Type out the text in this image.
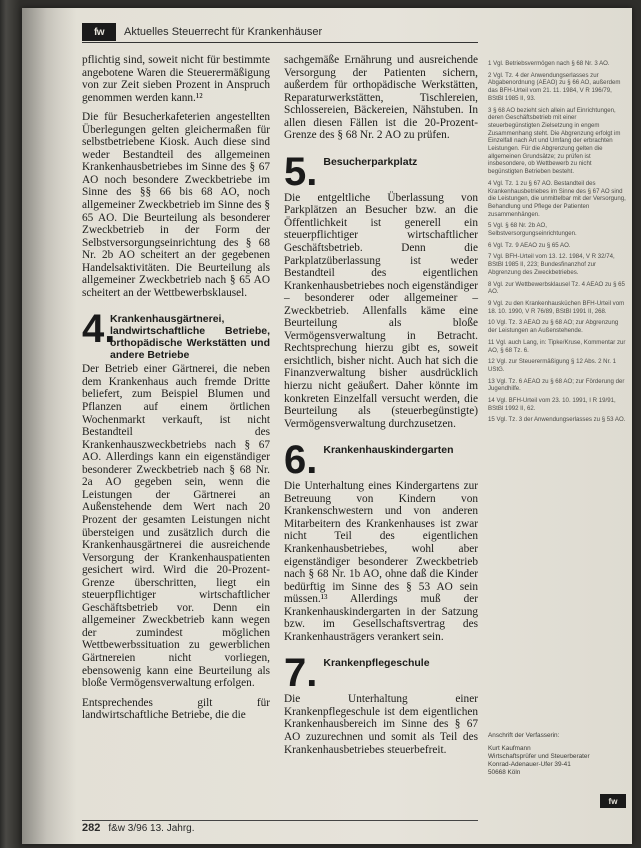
fw	Aktuelles Steuerrecht für Krankenhäuser

pflichtig sind, soweit nicht für bestimmte angebotene Waren die Steuerermäßigung von zur Zeit sieben Prozent in Anspruch genommen werden kann.¹²

Die für Besucherkafeterien angestellten Überlegungen gelten gleichermaßen für selbstbetriebene Kiosk. Auch diese sind weder Bestandteil des allgemeinen Krankenhausbetriebes im Sinne des § 67 AO noch besondere Zweckbetriebe im Sinne des §§ 66 bis 68 AO, noch allgemeiner Zweckbetrieb im Sinne des § 65 AO. Die Beurteilung als besonderer Zweckbetrieb in der Form der Selbstversorgungseinrichtung des § 68 Nr. 2b AO scheitert an der gegebenen Handelsaktivitäten. Die Beurteilung als allgemeiner Zweckbetrieb nach § 65 AO scheitert an der Wettbewerbsklausel.

4.
Krankenhausgärtnerei, landwirtschaftliche Betriebe, orthopädische Werkstätten und andere Betriebe

Der Betrieb einer Gärtnerei, die neben dem Krankenhaus auch fremde Dritte beliefert, zum Beispiel Blumen und Pflanzen auf einem örtlichen Wochenmarkt verkauft, ist nicht Bestandteil des Krankenhauszweckbetriebs nach § 67 AO. Allerdings kann ein eigenständiger besonderer Zweckbetrieb nach § 68 Nr. 2a AO gegeben sein, wenn die Leistungen der Gärtnerei an Außenstehende dem Wert nach 20 Prozent der gesamten Leistungen nicht übersteigen und zusätzlich durch die Krankenhausgärtnerei die ausreichende Versorgung der Krankenhauspatienten gesichert wird. Wird die 20-Prozent-Grenze überschritten, liegt ein steuerpflichtiger wirtschaftlicher Geschäftsbetrieb vor. Denn ein allgemeiner Zweckbetrieb kann wegen der zumindest möglichen Wettbewerbssituation zu gewerblichen Gärtnereien nicht vorliegen, ebensowenig kann eine Beurteilung als bloße Vermögensverwaltung erfolgen.

Entsprechendes gilt für landwirtschaftliche Betriebe, die die

sachgemäße Ernährung und ausreichende Versorgung der Patienten sichern, außerdem für orthopädische Werkstätten, Reparaturwerkstätten, Tischlereien, Schlossereien, Bäckereien, Nähstuben. In allen diesen Fällen ist die 20-Prozent-Grenze des § 68 Nr. 2 AO zu prüfen.

5. Besucherparkplatz

Die entgeltliche Überlassung von Parkplätzen an Besucher bzw. an die Öffentlichkeit ist generell ein steuerpflichtiger wirtschaftlicher Geschäftsbetrieb. Denn die Parkplatzüberlassung ist weder Bestandteil des eigentlichen Krankenhausbetriebes noch eigenständiger – besonderer oder allgemeiner – Zweckbetrieb. Allenfalls käme eine Beurteilung als bloße Vermögensverwaltung in Betracht. Rechtsprechung hierzu gibt es, soweit ersichtlich, bisher nicht. Auch hat sich die Finanzverwaltung bisher ausdrücklich hierzu nicht geäußert. Daher könnte im konkreten Einzelfall versucht werden, die Beurteilung als (steuerbegünstigte) Vermögensverwaltung durchzusetzen.

6. Krankenhauskindergarten

Die Unterhaltung eines Kindergartens zur Betreuung von Kindern von Krankenschwestern und von anderen Mitarbeitern des Krankenhauses ist zwar nicht Teil des eigentlichen Krankenhausbetriebes, wohl aber eigenständiger besonderer Zweckbetrieb nach § 68 Nr. 1b AO, ohne daß die Kinder bedürftig im Sinne des § 53 AO sein müssen.¹³ Allerdings muß der Krankenhauskindergarten in der Satzung bzw. im Gesellschaftsvertrag des Krankenhausträgers verankert sein.

7. Krankenpflegeschule

Die Unterhaltung einer Krankenpflegeschule ist dem eigentlichen Krankenhausbereich im Sinne des § 67 AO zuzurechnen und somit als Teil des Krankenhausbetriebes steuerbefreit.

1 Vgl. Betriebsvermögen nach § 68 Nr. 3 AO.

2 Vgl. Tz. 4 der Anwendungserlasses zur Abgabenordnung (AEAO) zu § 66 AO, außerdem das BFH-Urteil vom 21. 11. 1984, V R 196/79, BStBl 1985 II, 93.

3 § 68 AO bezieht sich allein auf Einrichtungen, deren Geschäftsbetrieb mit einer steuerbegünstigten Zielsetzung in engem Zusammenhang steht. Die Abgrenzung erfolgt im Einzelfall nach Art und Umfang der erbrachten Leistungen. Für die Abgrenzung gelten die allgemeinen Grundsätze; zu prüfen ist insbesondere, ob Wettbewerb zu nicht begünstigten Betrieben besteht.

4 Vgl. Tz. 1 zu § 67 AO. Bestandteil des Krankenhausbetriebes im Sinne des § 67 AO sind die Leistungen, die unmittelbar mit der Versorgung, Behandlung und Pflege der Patienten zusammenhängen.

5 Vgl. § 68 Nr. 2b AO, Selbstversorgungseinrichtungen.

6 Vgl. Tz. 9 AEAO zu § 65 AO.

7 Vgl. BFH-Urteil vom 13. 12. 1984, V R 32/74, BStBl 1985 II, 223; Bundesfinanzhof zur Abgrenzung des Zweckbetriebes.

8 Vgl. zur Wettbewerbsklausel Tz. 4 AEAO zu § 65 AO.

9 Vgl. zu den Krankenhausküchen BFH-Urteil vom 18. 10. 1990, V R 76/89, BStBl 1991 II, 268.

10 Vgl. Tz. 3 AEAO zu § 68 AO; zur Abgrenzung der Leistungen an Außenstehende.

11 Vgl. auch Lang, in: Tipke/Kruse, Kommentar zur AO, § 68 Tz. 6.

12 Vgl. zur Steuerermäßigung § 12 Abs. 2 Nr. 1 UStG.

13 Vgl. Tz. 6 AEAO zu § 68 AO; zur Förderung der Jugendhilfe.

14 Vgl. BFH-Urteil vom 23. 10. 1991, I R 19/91, BStBl 1992 II, 62.

15 Vgl. Tz. 3 der Anwendungserlasses zu § 53 AO.

Anschrift der Verfasserin:
Kurt Kaufmann
Wirtschaftsprüfer und Steuerberater
Konrad-Adenauer-Ufer 39-41
50668 Köln
fw
282 f&w 3/96 13. Jahrg.
